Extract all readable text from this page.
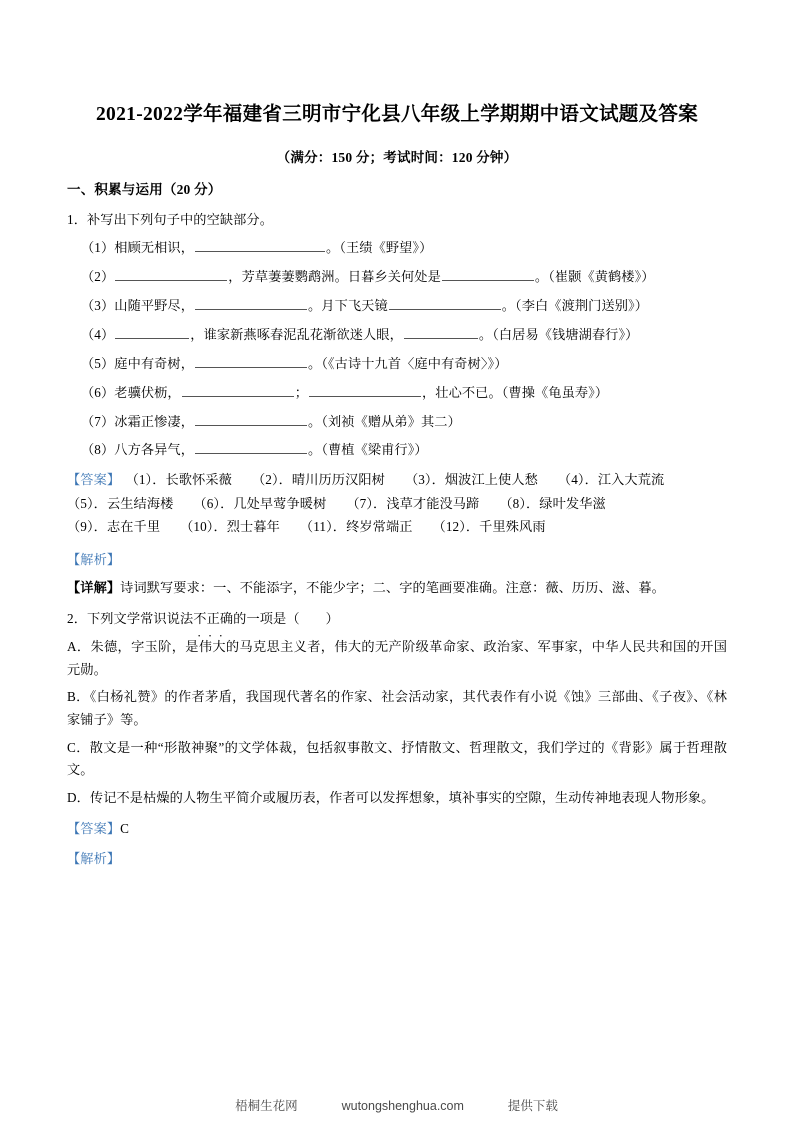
2021-2022学年福建省三明市宁化县八年级上学期期中语文试题及答案
（满分：150 分；考试时间：120 分钟）
一、积累与运用（20 分）
1．补写出下列句子中的空缺部分。
（1）相顾无相识，	。（王绩《野望》）
（2）	，芳草萋萋鹦鹉洲。日暮乡关何处是	。（崔颢《黄鹤楼》）
（3）山随平野尽，	。月下飞天镜	。（李白《渡荆门送别》）
（4）	，谁家新燕啄春泥乱花渐欲迷人眼，	。（白居易《钱塘湖春行》）
（5）庭中有奇树，	。（《古诗十九首〈庭中有奇树〉》）
（6）老骥伏枥，	；	，壮心不已。（曹操《龟虽寿》）
（7）冰霜正惨凄，	。（刘祯《赠从弟》其二）
（8）八方各异气，	。（曹植《梁甫行》）
【答案】 （1）．长歌怀采薇 （2）．晴川历历汉阳树 （3）．烟波江上使人愁 （4）．江入大荒流（5）．云生结海楼 （6）．几处早莺争暖树 （7）．浅草才能没马蹄 （8）．绿叶发华滋（9）．志在千里 （10）．烈士暮年 （11）．终岁常端正 （12）．千里殊风雨
【解析】
【详解】诗词默写要求：一、不能添字，不能少字；二、字的笔画要准确。注意：薇、历历、滋、暮。
2．下列文学常识说法不正确 ··· 的一项是（ ）
A．朱德，字玉阶，是伟大的马克思主义者，伟大的无产阶级革命家、政治家、军事家，中华人民共和国的开国元勋。
B．《白杨礼赞》的作者茅盾，我国现代著名的作家、社会活动家，其代表作有小说《蚀》三部曲、《子夜》、《林家铺子》等。
C．散文是一种“形散神聚”的文学体裁，包括叙事散文、抒情散文、哲理散文，我们学过的《背影》属于哲理散文。
D．传记不是枯燥的人物生平简介或履历表，作者可以发挥想象，填补事实的空隙，生动传神地表现人物形象。
【答案】C
【解析】
梧桐生花网	wutongshenghua.com	提供下载
